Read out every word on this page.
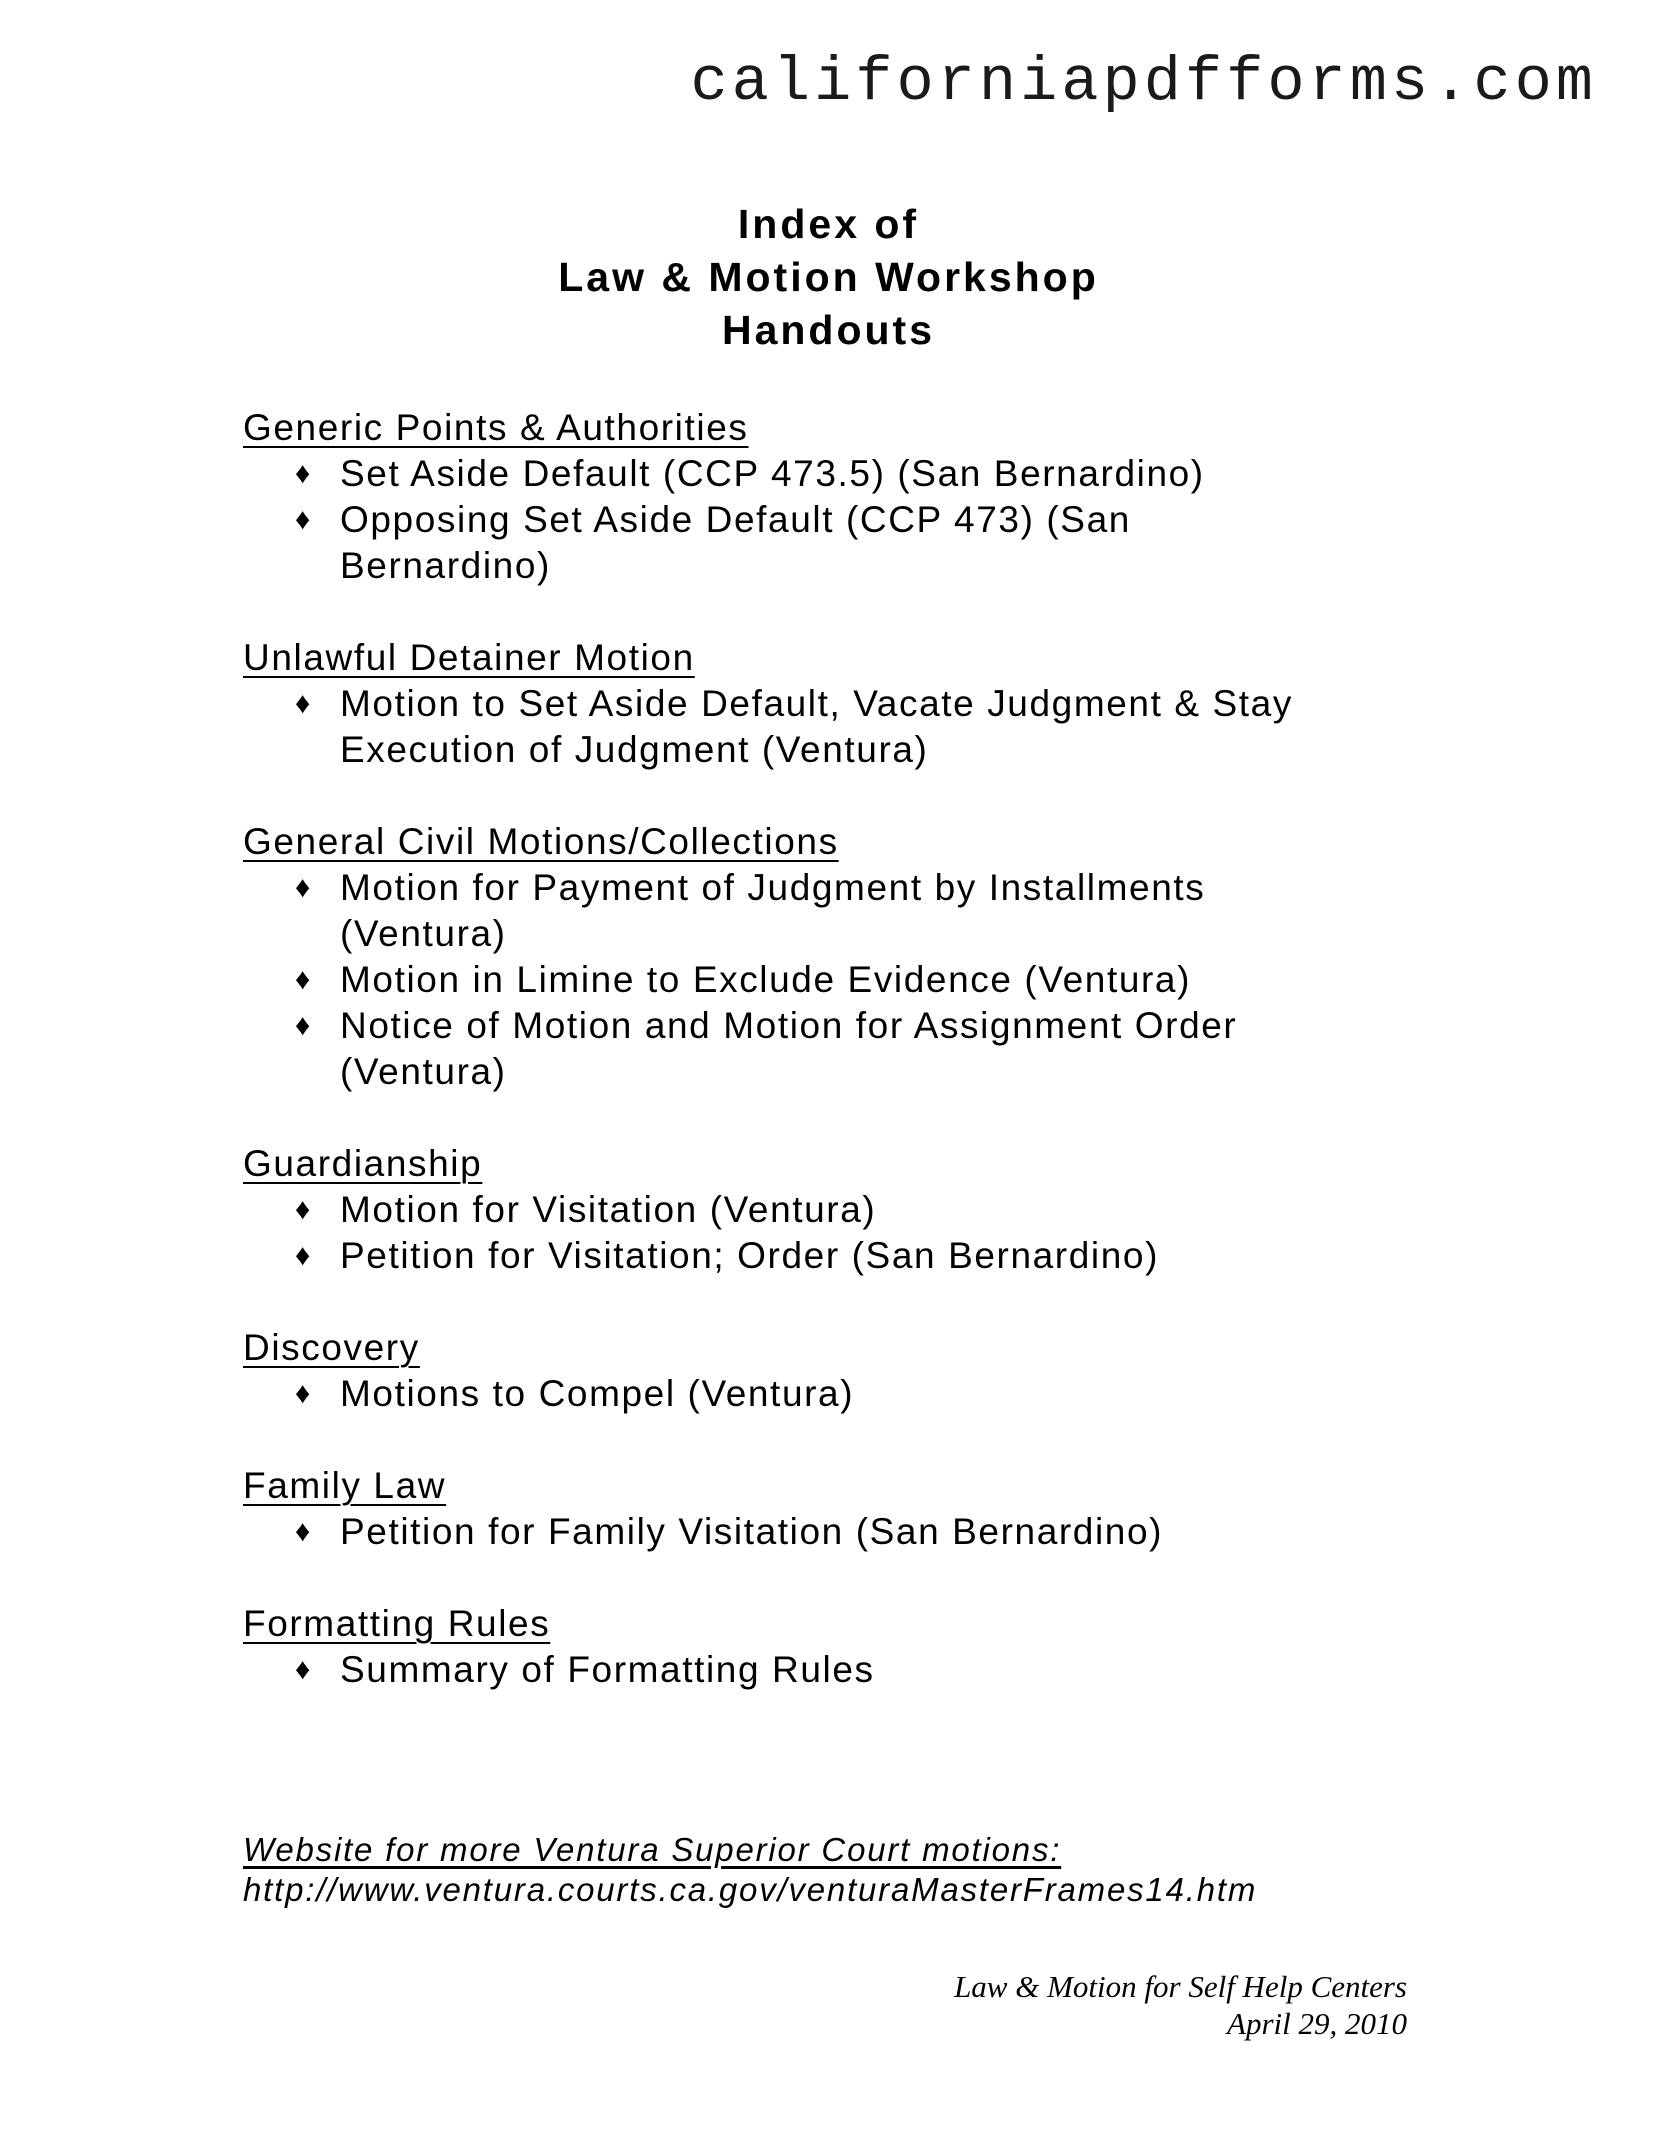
californiapdfforms.com
Index of
Law & Motion Workshop
Handouts
Generic Points & Authorities
♦ Set Aside Default (CCP 473.5) (San Bernardino)
♦ Opposing Set Aside Default (CCP 473) (San Bernardino)
Unlawful Detainer Motion
♦ Motion to Set Aside Default, Vacate Judgment & Stay Execution of Judgment (Ventura)
General Civil Motions/Collections
♦ Motion for Payment of Judgment by Installments (Ventura)
♦ Motion in Limine to Exclude Evidence (Ventura)
♦ Notice of Motion and Motion for Assignment Order (Ventura)
Guardianship
♦ Motion for Visitation (Ventura)
♦ Petition for Visitation; Order (San Bernardino)
Discovery
♦ Motions to Compel (Ventura)
Family Law
♦ Petition for Family Visitation (San Bernardino)
Formatting Rules
♦ Summary of Formatting Rules
Website for more Ventura Superior Court motions:
http://www.ventura.courts.ca.gov/venturaMasterFrames14.htm
Law & Motion for Self Help Centers
April 29, 2010
